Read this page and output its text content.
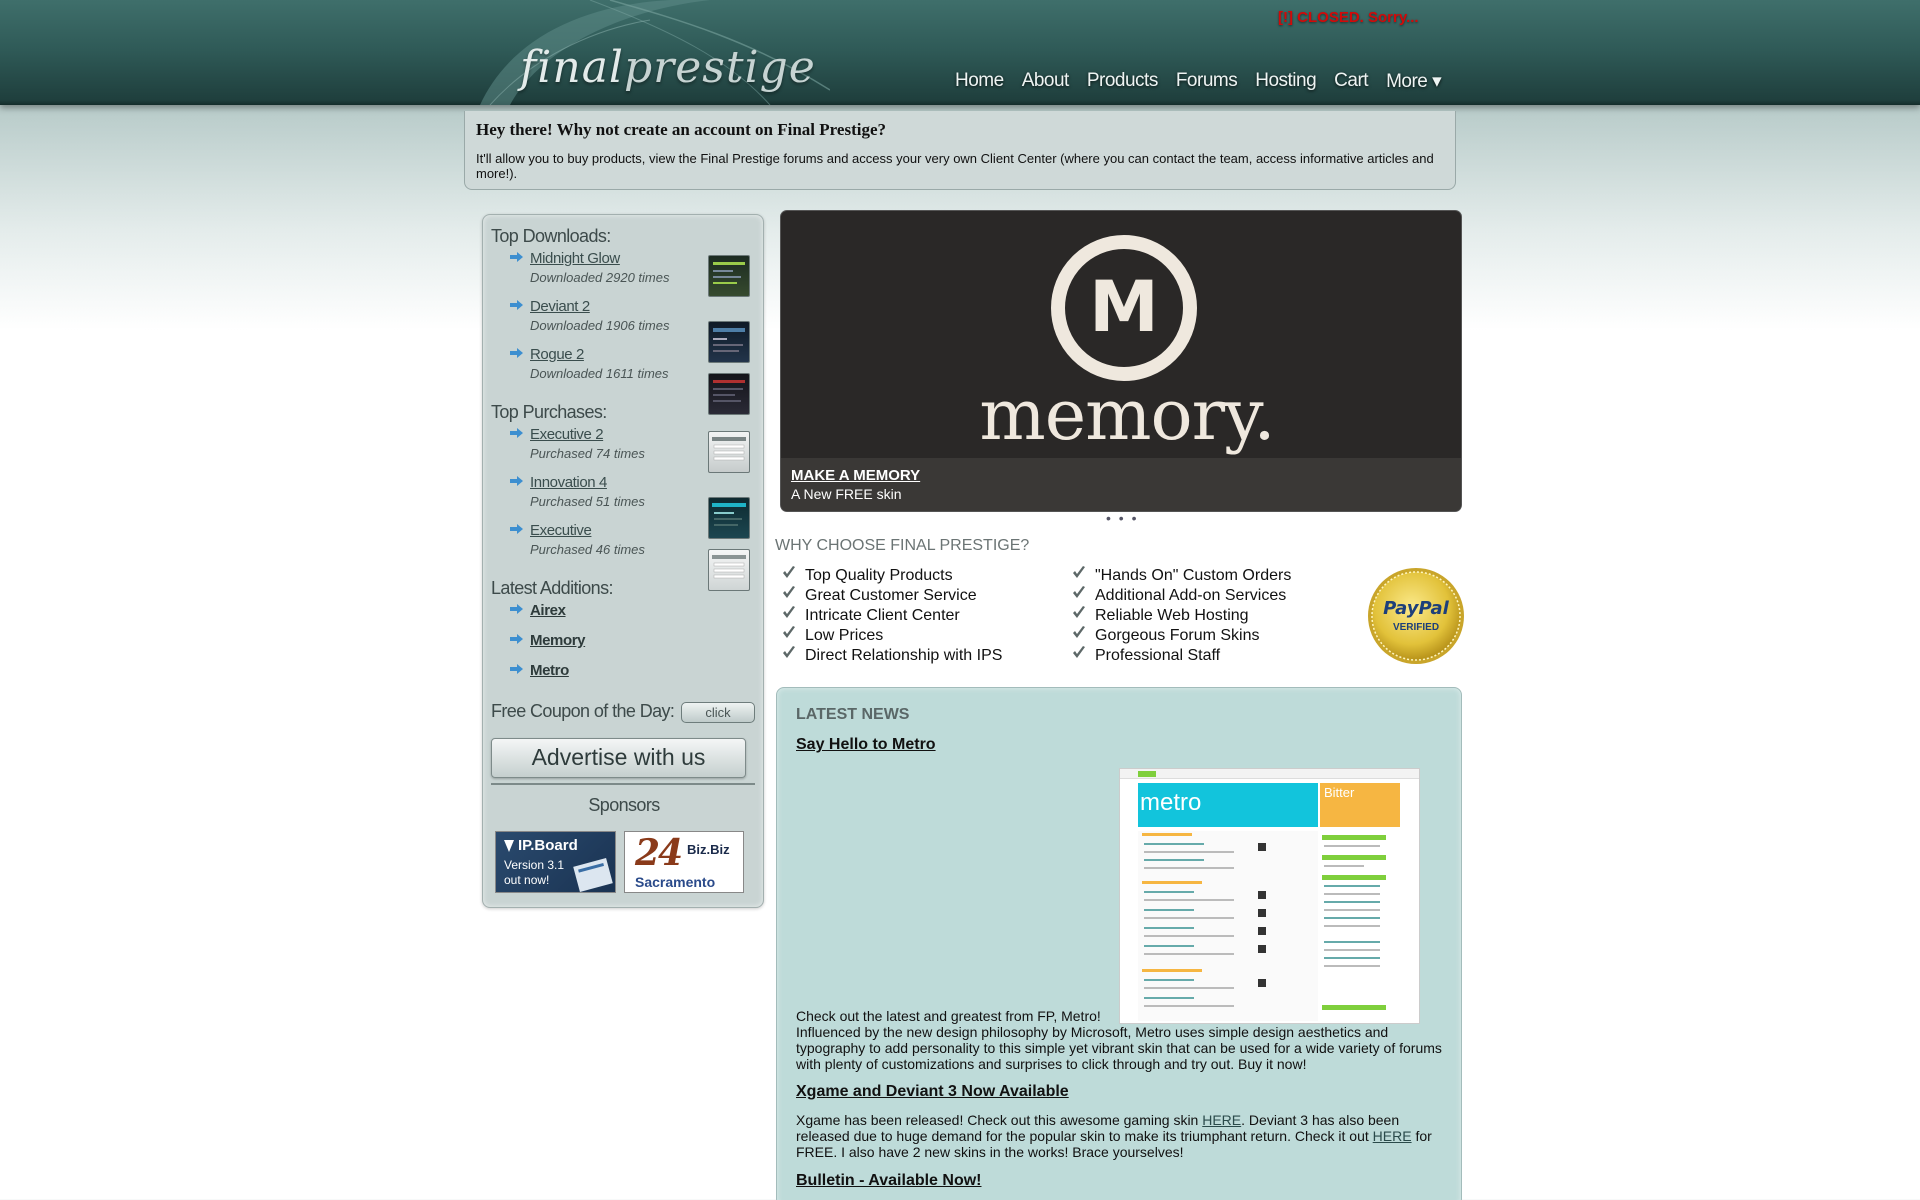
finalprestige
[!] CLOSED. Sorry...
Home About Products Forums Hosting Cart More ▾
Hey there! Why not create an account on Final Prestige?
It'll allow you to buy products, view the Final Prestige forums and access your very own Client Center (where you can contact the team, access informative articles and more!).
Top Downloads:
Midnight Glow
Downloaded 2920 times
Deviant 2
Downloaded 1906 times
Rogue 2
Downloaded 1611 times
Top Purchases:
Executive 2
Purchased 74 times
Innovation 4
Purchased 51 times
Executive
Purchased 46 times
Latest Additions:
Airex
Memory
Metro
Free Coupon of the Day:	click
Advertise with us
Sponsors
IP.Board
Version 3.1
out now!
24 Biz.Biz
Sacramento
M
memory.
MAKE A MEMORY
A New FREE skin
• • •
WHY CHOOSE FINAL PRESTIGE?
Top Quality Products
Great Customer Service
Intricate Client Center
Low Prices
Direct Relationship with IPS
"Hands On" Custom Orders
Additional Add-on Services
Reliable Web Hosting
Gorgeous Forum Skins
Professional Staff
PayPal
VERIFIED
LATEST NEWS
Say Hello to Metro
metro	Bitter
Check out the latest and greatest from FP, Metro!
Influenced by the new design philosophy by Microsoft, Metro uses simple design aesthetics and typography to add personality to this simple yet vibrant skin that can be used for a wide variety of forums with plenty of customizations and surprises to click through and try out. Buy it now!
Xgame and Deviant 3 Now Available
Xgame has been released! Check out this awesome gaming skin HERE. Deviant 3 has also been released due to huge demand for the popular skin to make its triumphant return. Check it out HERE for FREE. I also have 2 new skins in the works! Brace yourselves!
Bulletin - Available Now!
